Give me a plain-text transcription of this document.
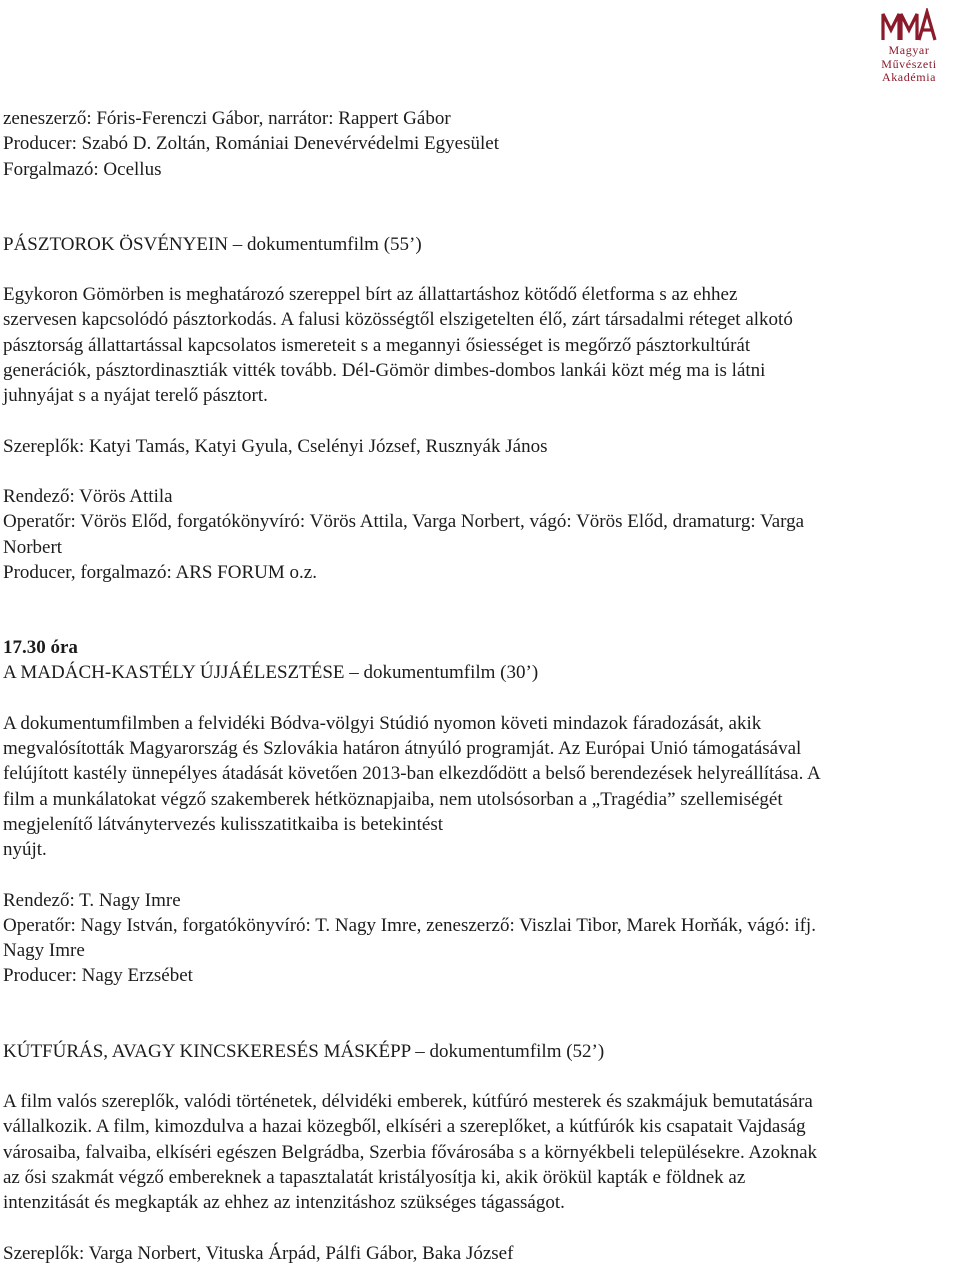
Magyar
Művészeti
Akadémia
zeneszerző: Fóris-Ferenczi Gábor, narrátor: Rappert Gábor
Producer: Szabó D. Zoltán, Romániai Denevérvédelmi Egyesület
Forgalmazó: Ocellus
PÁSZTOROK ÖSVÉNYEIN – dokumentumfilm (55’)
Egykoron Gömörben is meghatározó szereppel bírt az állattartáshoz kötődő életforma s az ehhez
szervesen kapcsolódó pásztorkodás. A falusi közösségtől elszigetelten élő, zárt társadalmi réteget alkotó
pásztorság állattartással kapcsolatos ismereteit s a megannyi ősiességet is megőrző pásztorkultúrát
generációk, pásztordinasztiák vitték tovább. Dél-Gömör dimbes-dombos lankái közt még ma is látni
juhnyájat s a nyájat terelő pásztort.
Szereplők: Katyi Tamás, Katyi Gyula, Cselényi József, Rusznyák János
Rendező: Vörös Attila
Operatőr: Vörös Előd, forgatókönyvíró: Vörös Attila, Varga Norbert, vágó: Vörös Előd, dramaturg: Varga
Norbert
Producer, forgalmazó: ARS FORUM o.z.
17.30 óra
A MADÁCH-KASTÉLY ÚJJÁÉLESZTÉSE – dokumentumfilm (30’)
A dokumentumfilmben a felvidéki Bódva-völgyi Stúdió nyomon követi mindazok fáradozását, akik
megvalósították Magyarország és Szlovákia határon átnyúló programját. Az Európai Unió támogatásával
felújított kastély ünnepélyes átadását követően 2013-ban elkezdődött a belső berendezések helyreállítása. A
film a munkálatokat végző szakemberek hétköznapjaiba, nem utolsósorban a „Tragédia” szellemiségét
megjelenítő látványtervezés kulisszatitkaiba is betekintést
nyújt.
Rendező: T. Nagy Imre
Operatőr: Nagy István, forgatókönyvíró: T. Nagy Imre, zeneszerző: Viszlai Tibor, Marek Horňák, vágó: ifj.
Nagy Imre
Producer: Nagy Erzsébet
KÚTFÚRÁS, AVAGY KINCSKERESÉS MÁSKÉPP – dokumentumfilm (52’)
A film valós szereplők, valódi történetek, délvidéki emberek, kútfúró mesterek és szakmájuk bemutatására
vállalkozik. A film, kimozdulva a hazai közegből, elkíséri a szereplőket, a kútfúrók kis csapatait Vajdaság
városaiba, falvaiba, elkíséri egészen Belgrádba, Szerbia fővárosába s a környékbeli településekre. Azoknak
az ősi szakmát végző embereknek a tapasztalatát kristályosítja ki, akik örökül kapták e földnek az
intenzitását és megkapták az ehhez az intenzitáshoz szükséges tágasságot.
Szereplők: Varga Norbert, Vituska Árpád, Pálfi Gábor, Baka József
